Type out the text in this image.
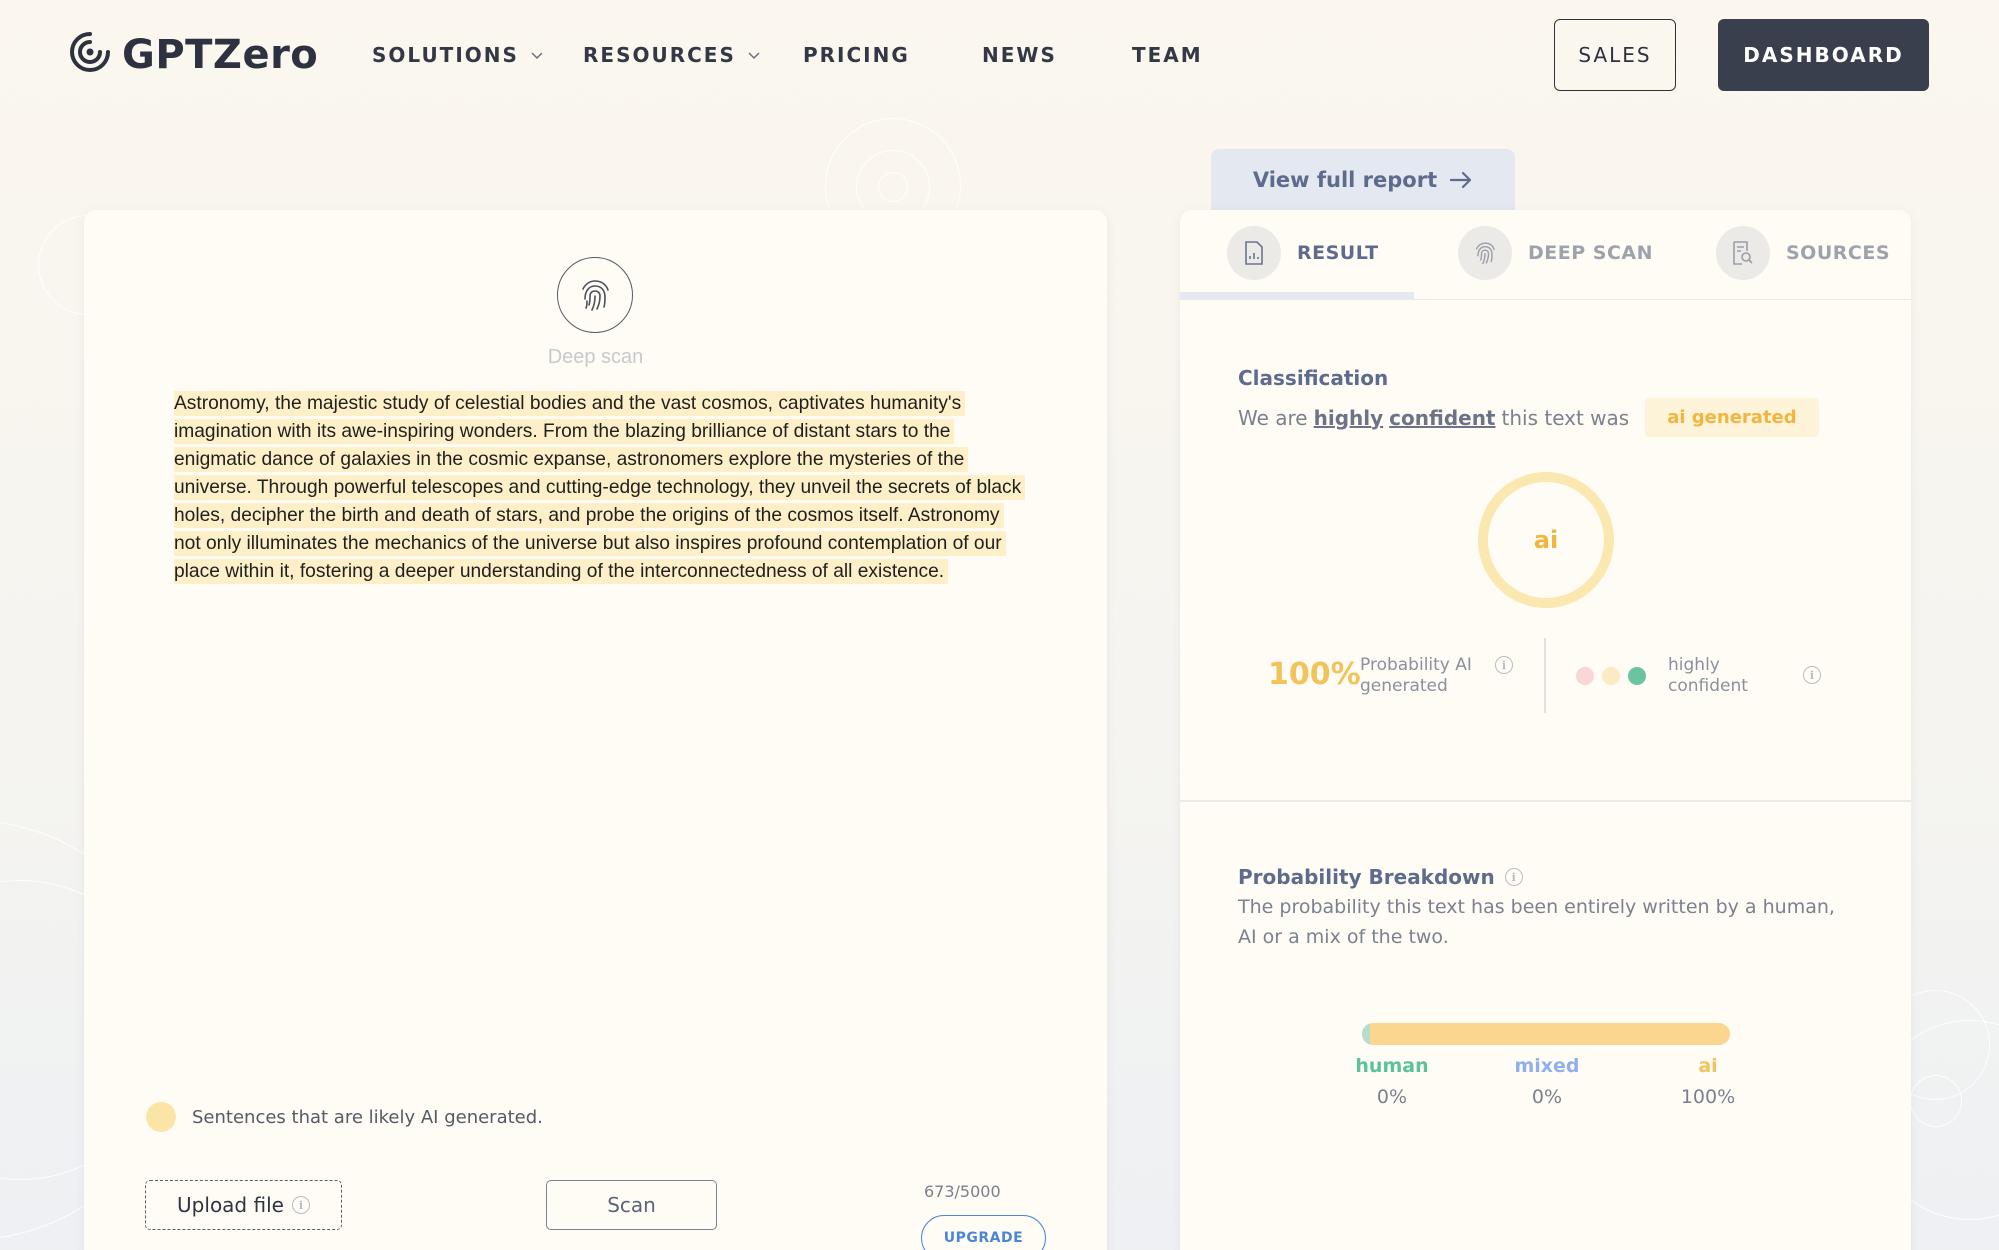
GPTZero	SOLUTIONS	RESOURCES	PRICING	NEWS	TEAM	SALES	DASHBOARD
Deep scan
Astronomy, the majestic study of celestial bodies and the vast cosmos, captivates humanity's imagination with its awe-inspiring wonders. From the blazing brilliance of distant stars to the enigmatic dance of galaxies in the cosmic expanse, astronomers explore the mysteries of the universe. Through powerful telescopes and cutting-edge technology, they unveil the secrets of black holes, decipher the birth and death of stars, and probe the origins of the cosmos itself. Astronomy not only illuminates the mechanics of the universe but also inspires profound contemplation of our place within it, fostering a deeper understanding of the interconnectedness of all existence.
Sentences that are likely AI generated.
Upload file	i	Scan
673/5000
UPGRADE
View full report
RESULT	DEEP SCAN	SOURCES
Classification
We are highly confident this text was	ai generated
ai
100% Probability AI
generated
i	highly
confident
i
Probability Breakdown	i
The probability this text has been entirely written by a human, AI or a mix of the two.
human	mixed	ai
0%	0%	100%
